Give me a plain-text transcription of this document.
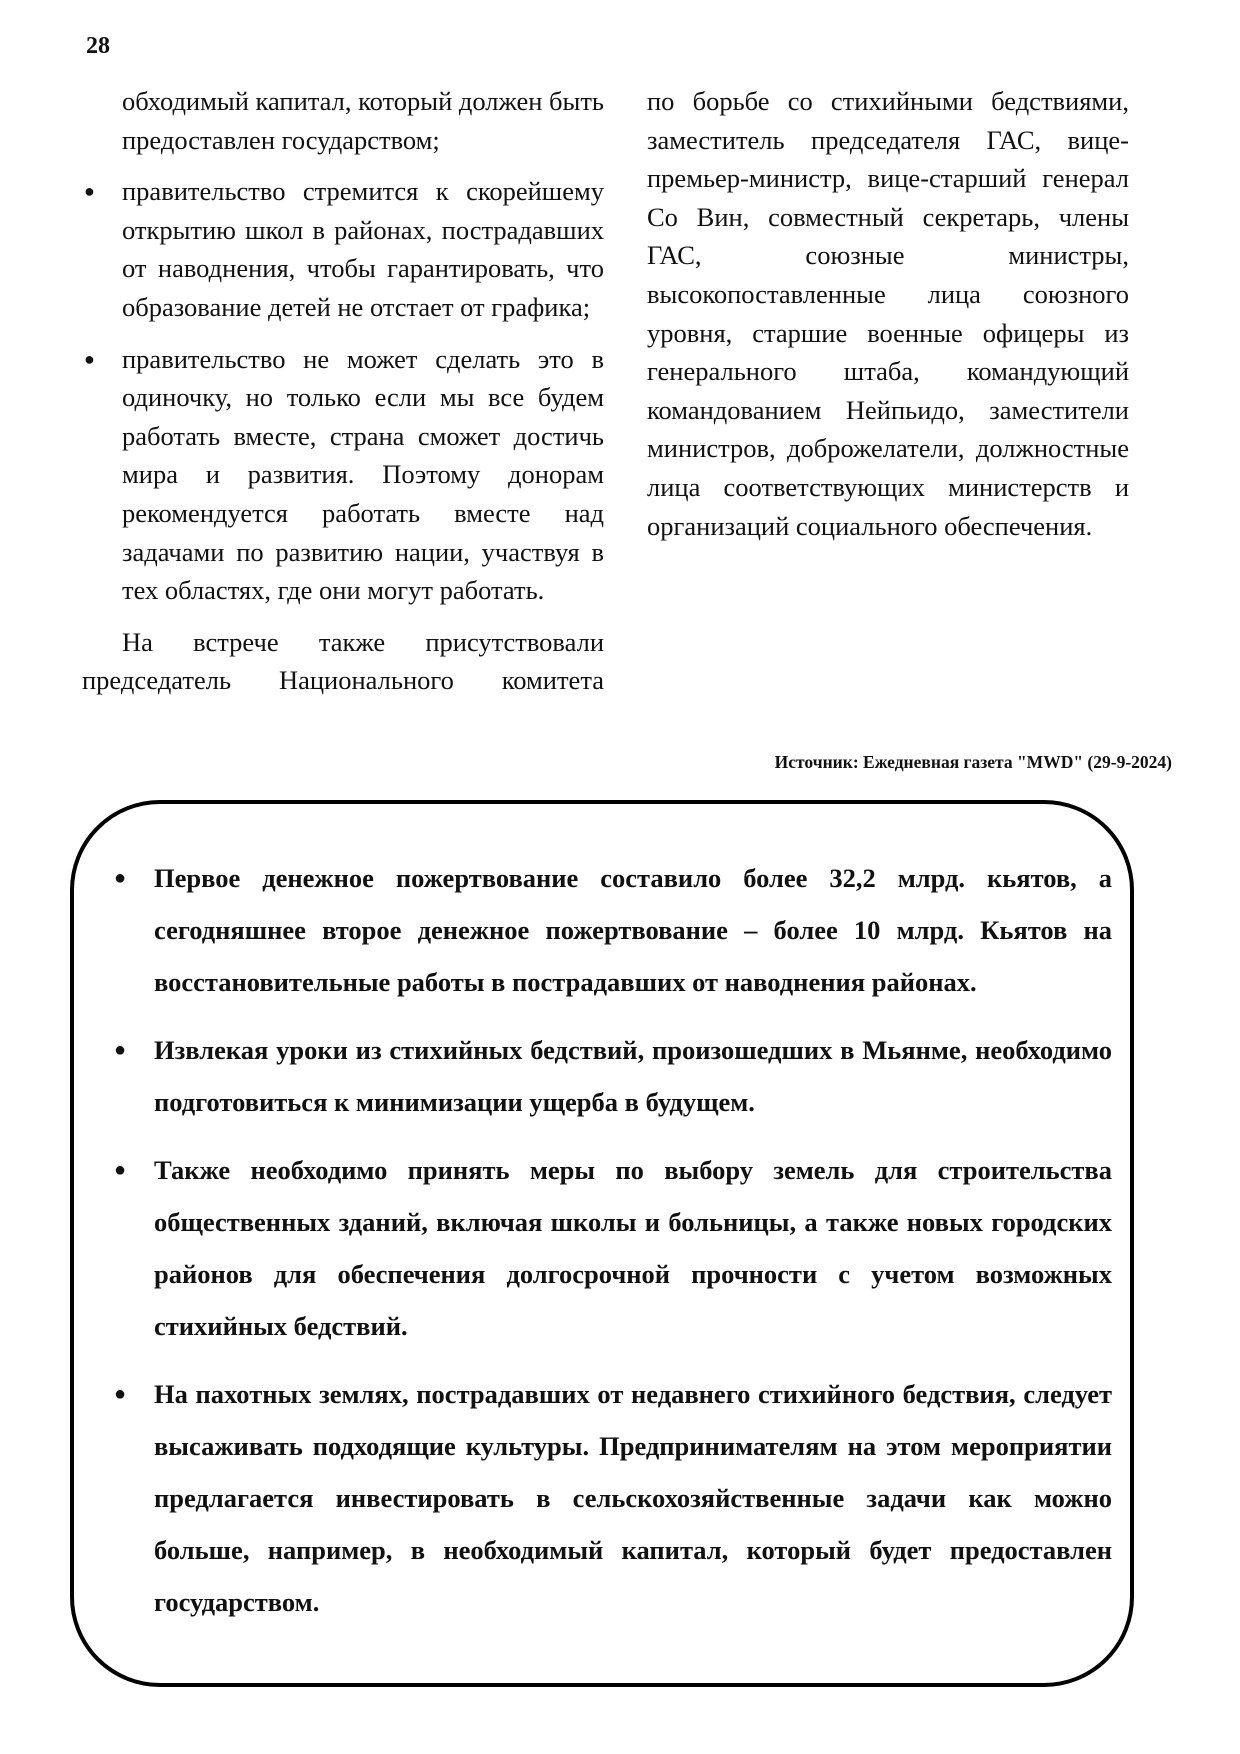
28

обходимый капитал, который должен быть предоставлен государством;

● правительство стремится к скорейшему открытию школ в районах, пострадавших от наводнения, чтобы гарантировать, что образование детей не отстает от графика;
● правительство не может сделать это в одиночку, но только если мы все будем работать вместе, страна сможет достичь мира и развития. Поэтому донорам рекомендуется работать вместе над задачами по развитию нации, участвуя в тех областях, где они могут работать.

На встрече также присутствовали председатель Национального комитета

по борьбе со стихийными бедствиями, заместитель председателя ГАС, вице-премьер-министр, вице-старший генерал Со Вин, совместный секретарь, члены ГАС, союзные министры, высокопоставленные лица союзного уровня, старшие военные офицеры из генерального штаба, командующий командованием Нейпьидо, заместители министров, доброжелатели, должностные лица соответствующих министерств и организаций социального обеспечения.

Источник: Ежедневная газета "MWD" (29-9-2024)
● Первое денежное пожертвование составило более 32,2 млрд. кьятов, а сегодняшнее второе денежное пожертвование – более 10 млрд. Кьятов на восстановительные работы в пострадавших от наводнения районах.
● Извлекая уроки из стихийных бедствий, произошедших в Мьянме, необходимо подготовиться к минимизации ущерба в будущем.
● Также необходимо принять меры по выбору земель для строительства общественных зданий, включая школы и больницы, а также новых городских районов для обеспечения долгосрочной прочности с учетом возможных стихийных бедствий.
● На пахотных землях, пострадавших от недавнего стихийного бедствия, следует высаживать подходящие культуры. Предпринимателям на этом мероприятии предлагается инвестировать в сельскохозяйственные задачи как можно больше, например, в необходимый капитал, который будет предоставлен государством.
